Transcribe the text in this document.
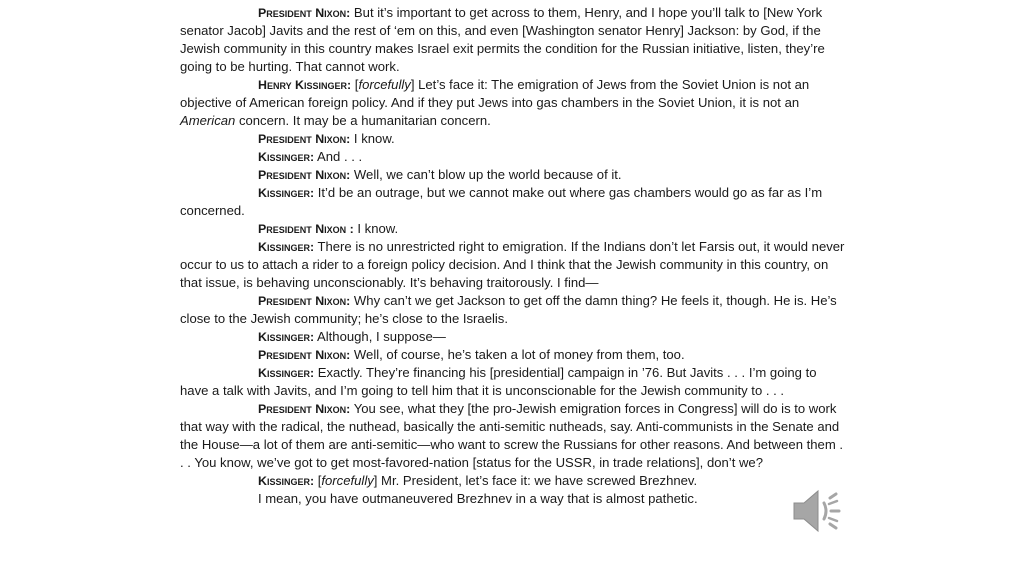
President Nixon: But it’s important to get across to them, Henry, and I hope you’ll talk to [New York senator Jacob] Javits and the rest of ‘em on this, and even [Washington senator Henry] Jackson: by God, if the Jewish community in this country makes Israel exit permits the condition for the Russian initiative, listen, they’re going to be hurting. That cannot work.

Henry Kissinger: [forcefully] Let’s face it: The emigration of Jews from the Soviet Union is not an objective of American foreign policy. And if they put Jews into gas chambers in the Soviet Union, it is not an American concern. It may be a humanitarian concern.

President Nixon: I know.

Kissinger: And . . .

President Nixon: Well, we can’t blow up the world because of it.

Kissinger: It’d be an outrage, but we cannot make out where gas chambers would go as far as I’m concerned.

President Nixon : I know.

Kissinger: There is no unrestricted right to emigration. If the Indians don’t let Farsis out, it would never occur to us to attach a rider to a foreign policy decision. And I think that the Jewish community in this country, on that issue, is behaving unconscionably. It’s behaving traitorously. I find—

President Nixon: Why can’t we get Jackson to get off the damn thing? He feels it, though. He is. He’s close to the Jewish community; he’s close to the Israelis.

Kissinger: Although, I suppose—

President Nixon: Well, of course, he’s taken a lot of money from them, too.

Kissinger: Exactly. They’re financing his [presidential] campaign in ’76. But Javits . . . I’m going to have a talk with Javits, and I’m going to tell him that it is unconscionable for the Jewish community to . . .

President Nixon: You see, what they [the pro-Jewish emigration forces in Congress] will do is to work that way with the radical, the nuthead, basically the anti-semitic nutheads, say. Anti-communists in the Senate and the House—a lot of them are anti-semitic—who want to screw the Russians for other reasons. And between them . . . You know, we’ve got to get most-favored-nation [status for the USSR, in trade relations], don’t we?

Kissinger: [forcefully] Mr. President, let’s face it: we have screwed Brezhnev.

I mean, you have outmaneuvered Brezhnev in a way that is almost pathetic.
